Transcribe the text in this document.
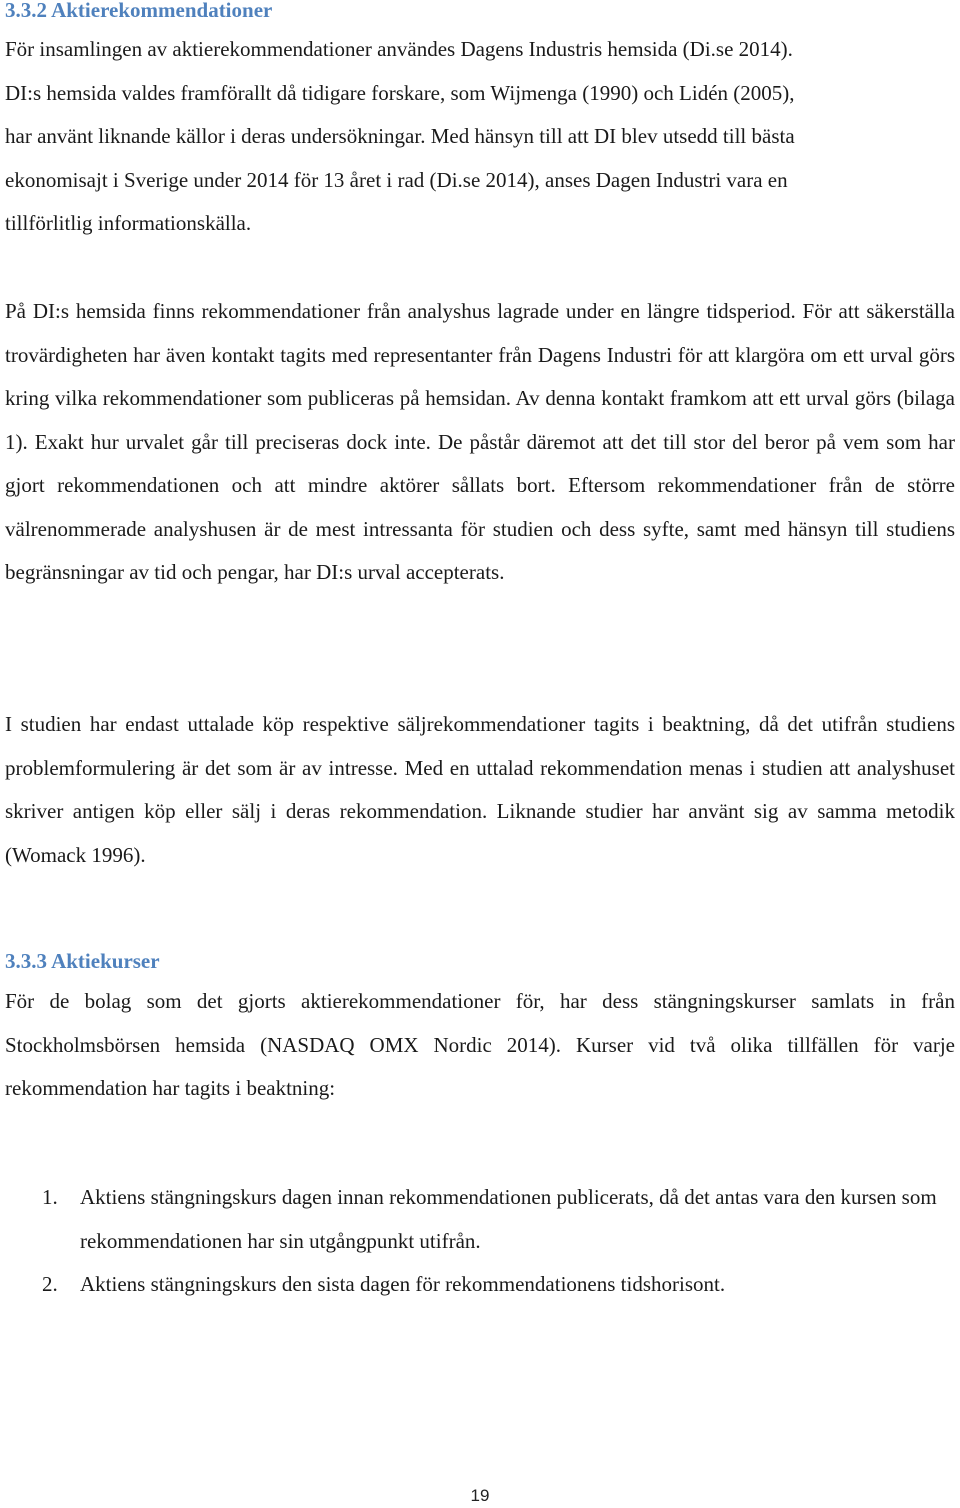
3.3.2 Aktierekommendationer

För insamlingen av aktierekommendationer användes Dagens Industris hemsida (Di.se 2014).
DI:s hemsida valdes framförallt då tidigare forskare, som Wijmenga (1990) och Lidén (2005),
har använt liknande källor i deras undersökningar. Med hänsyn till att DI blev utsedd till bästa
ekonomisajt i Sverige under 2014 för 13 året i rad (Di.se 2014), anses Dagen Industri vara en
tillförlitlig informationskälla.

På DI:s hemsida finns rekommendationer från analyshus lagrade under en längre tidsperiod. För att säkerställa trovärdigheten har även kontakt tagits med representanter från Dagens Industri för att klargöra om ett urval görs kring vilka rekommendationer som publiceras på hemsidan. Av denna kontakt framkom att ett urval görs (bilaga 1). Exakt hur urvalet går till preciseras dock inte. De påstår däremot att det till stor del beror på vem som har gjort rekommendationen och att mindre aktörer sållats bort. Eftersom rekommendationer från de större välrenommerade analyshusen är de mest intressanta för studien och dess syfte, samt med hänsyn till studiens begränsningar av tid och pengar, har DI:s urval accepterats.

I studien har endast uttalade köp respektive säljrekommendationer tagits i beaktning, då det utifrån studiens problemformulering är det som är av intresse. Med en uttalad rekommendation menas i studien att analyshuset skriver antigen köp eller sälj i deras rekommendation. Liknande studier har använt sig av samma metodik (Womack 1996).

3.3.3 Aktiekurser

För de bolag som det gjorts aktierekommendationer för, har dess stängningskurser samlats in från Stockholmsbörsen hemsida (NASDAQ OMX Nordic 2014). Kurser vid två olika tillfällen för varje rekommendation har tagits i beaktning:

1. Aktiens stängningskurs dagen innan rekommendationen publicerats, då det antas vara den kursen som rekommendationen har sin utgångpunkt utifrån.
2. Aktiens stängningskurs den sista dagen för rekommendationens tidshorisont.
19
